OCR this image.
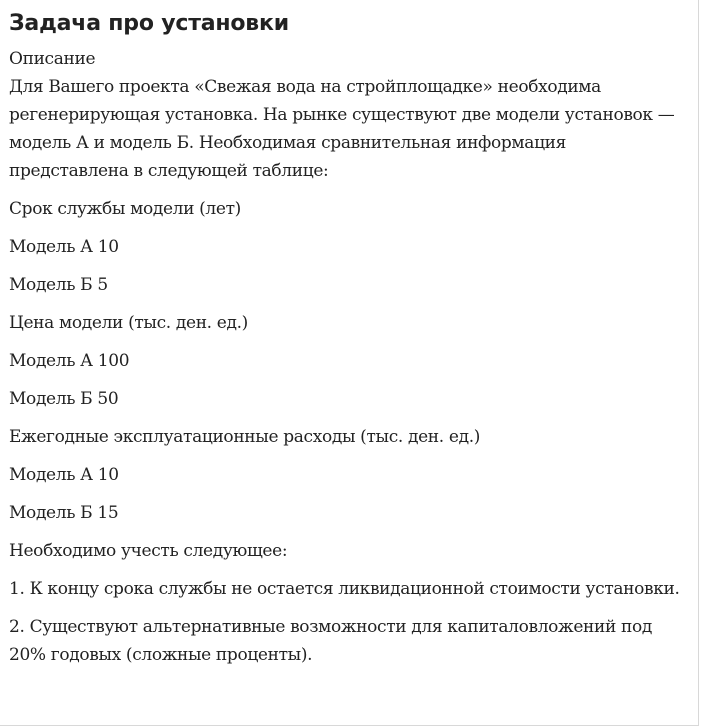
Задача про установки

Описание

Для Вашего проекта «Свежая вода на стройплощадке» необходима регенерирующая установка. На рынке существуют две модели установок — модель А и модель Б. Необходимая сравнительная информация представлена в следующей таблице:

Срок службы модели (лет)

Модель А 10

Модель Б 5

Цена модели (тыс. ден. ед.)

Модель А 100

Модель Б 50

Ежегодные эксплуатационные расходы (тыс. ден. ед.)

Модель А 10

Модель Б 15

Необходимо учесть следующее:

1. К концу срока службы не остается ликвидационной стоимости установки.

2. Существуют альтернативные возможности для капиталовложений под 20% годовых (сложные проценты).
